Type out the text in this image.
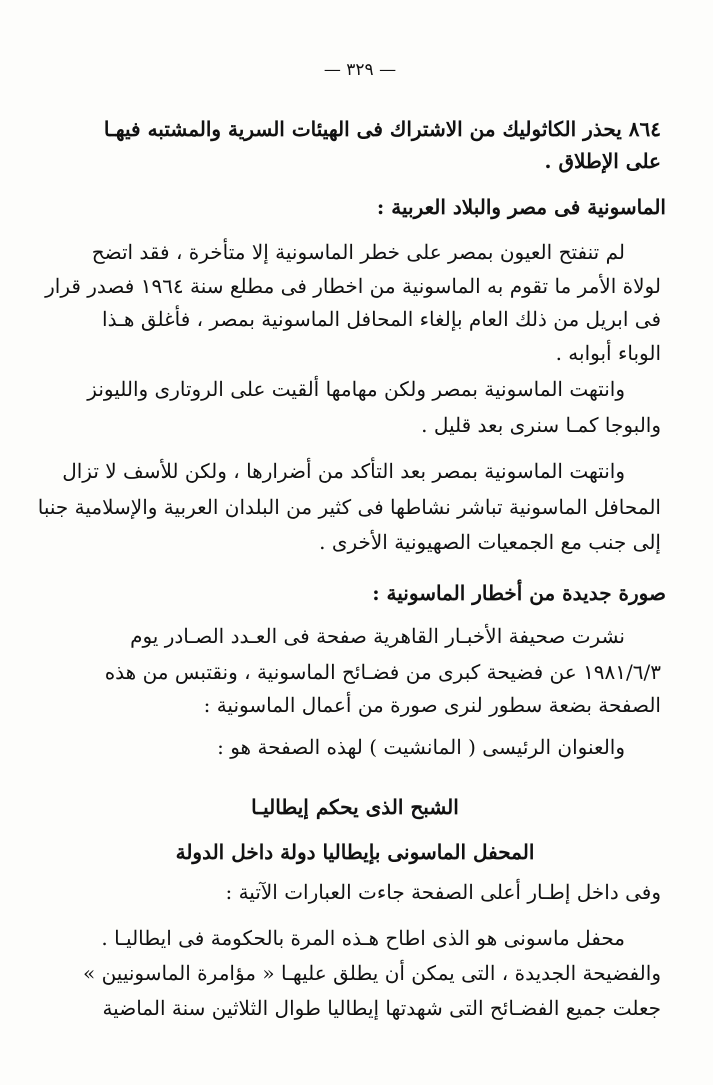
— ٣٢٩ —
٨٦٤ يحذر الكاثوليك من الاشتراك فى الهيئات السرية والمشتبه فيهـا
على الإطلاق .
الماسونية فى مصر والبلاد العربية :
لم تنفتح العيون بمصر على خطر الماسونية إلا متأخرة ، فقد اتضح
لولاة الأمر ما تقوم به الماسونية من اخطار فى مطلع سنة ١٩٦٤ فصدر قرار
فى ابريل من ذلك العام بإلغاء المحافل الماسونية بمصر ، فأغلق هـذا
الوباء أبوابه .
وانتهت الماسونية بمصر ولكن مهامها ألقيت على الروتارى والليونز
والبوجا كمـا سنرى بعد قليل .
وانتهت الماسونية بمصر بعد التأكد من أضرارها ، ولكن للأسف لا تزال
المحافل الماسونية تباشر نشاطها فى كثير من البلدان العربية والإسلامية جنبا
إلى جنب مع الجمعيات الصهيونية الأخرى .
صورة جديدة من أخطار الماسونية :
نشرت صحيفة الأخبـار القاهرية صفحة فى العـدد الصـادر يوم
١٩٨١/٦/٣ عن فضيحة كبرى من فضـائح الماسونية ، ونقتبس من هذه
الصفحة بضعة سطور لنرى صورة من أعمال الماسونية :
والعنوان الرئيسى ( المانشيت ) لهذه الصفحة هو :
الشبح الذى يحكم إيطاليـا
المحفل الماسونى بإيطاليا دولة داخل الدولة
وفى داخل إطـار أعلى الصفحة جاءت العبارات الآتية :
محفل ماسونى هو الذى اطاح هـذه المرة بالحكومة فى ايطاليـا .
والفضيحة الجديدة ، التى يمكن أن يطلق عليهـا « مؤامرة الماسونيين »
جعلت جميع الفضـائح التى شهدتها إيطاليا طوال الثلاثين سنة الماضية
